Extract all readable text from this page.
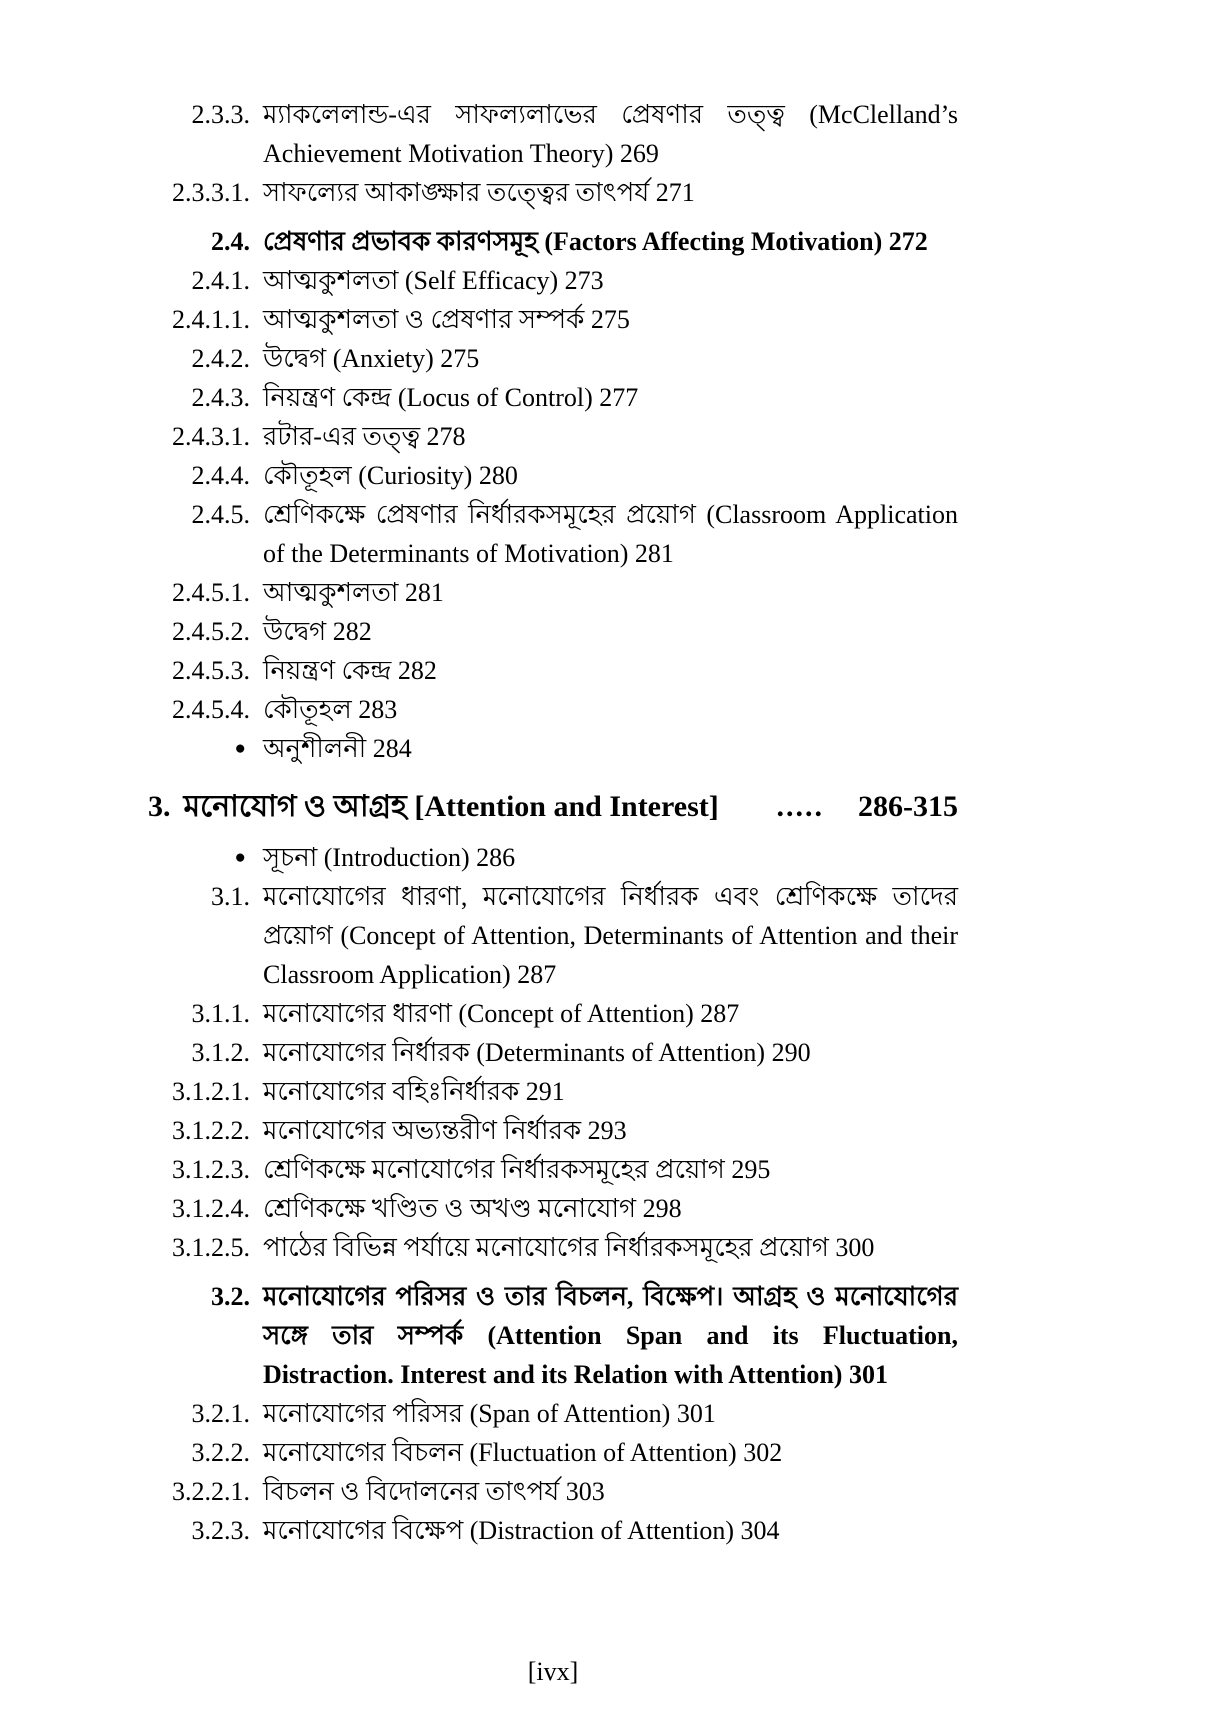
2.3.3. ম্যাকলেলান্ড-এর সাফল্যলাভের প্রেষণার তত্ত্ব (McClelland’s Achievement Motivation Theory) 269
2.3.3.1. সাফল্যের আকাঙ্ক্ষার তত্ত্বের তাৎপর্য 271
2.4. প্রেষণার প্রভাবক কারণসমূহ (Factors Affecting Motivation) 272
2.4.1. আত্মকুশলতা (Self Efficacy) 273
2.4.1.1. আত্মকুশলতা ও প্রেষণার সম্পর্ক 275
2.4.2. উদ্বেগ (Anxiety) 275
2.4.3. নিয়ন্ত্রণ কেন্দ্র (Locus of Control) 277
2.4.3.1. রটার-এর তত্ত্ব 278
2.4.4. কৌতূহল (Curiosity) 280
2.4.5. শ্রেণিকক্ষে প্রেষণার নির্ধারকসমূহের প্রয়োগ (Classroom Application of the Determinants of Motivation) 281
2.4.5.1. আত্মকুশলতা 281
2.4.5.2. উদ্বেগ 282
2.4.5.3. নিয়ন্ত্রণ কেন্দ্র 282
2.4.5.4. কৌতূহল 283
● অনুশীলনী 284
3. মনোযোগ ও আগ্রহ [Attention and Interest] ..... 286-315
● সূচনা (Introduction) 286
3.1. মনোযোগের ধারণা, মনোযোগের নির্ধারক এবং শ্রেণিকক্ষে তাদের প্রয়োগ (Concept of Attention, Determinants of Attention and their Classroom Application) 287
3.1.1. মনোযোগের ধারণা (Concept of Attention) 287
3.1.2. মনোযোগের নির্ধারক (Determinants of Attention) 290
3.1.2.1. মনোযোগের বহিঃনির্ধারক 291
3.1.2.2. মনোযোগের অভ্যন্তরীণ নির্ধারক 293
3.1.2.3. শ্রেণিকক্ষে মনোযোগের নির্ধারকসমূহের প্রয়োগ 295
3.1.2.4. শ্রেণিকক্ষে খণ্ডিত ও অখণ্ড মনোযোগ 298
3.1.2.5. পাঠের বিভিন্ন পর্যায়ে মনোযোগের নির্ধারকসমূহের প্রয়োগ 300
3.2. মনোযোগের পরিসর ও তার বিচলন, বিক্ষেপ। আগ্রহ ও মনোযোগের সঙ্গে তার সম্পর্ক (Attention Span and its Fluctuation, Distraction. Interest and its Relation with Attention) 301
3.2.1. মনোযোগের পরিসর (Span of Attention) 301
3.2.2. মনোযোগের বিচলন (Fluctuation of Attention) 302
3.2.2.1. বিচলন ও বিদোলনের তাৎপর্য 303
3.2.3. মনোযোগের বিক্ষেপ (Distraction of Attention) 304
[ivx]
